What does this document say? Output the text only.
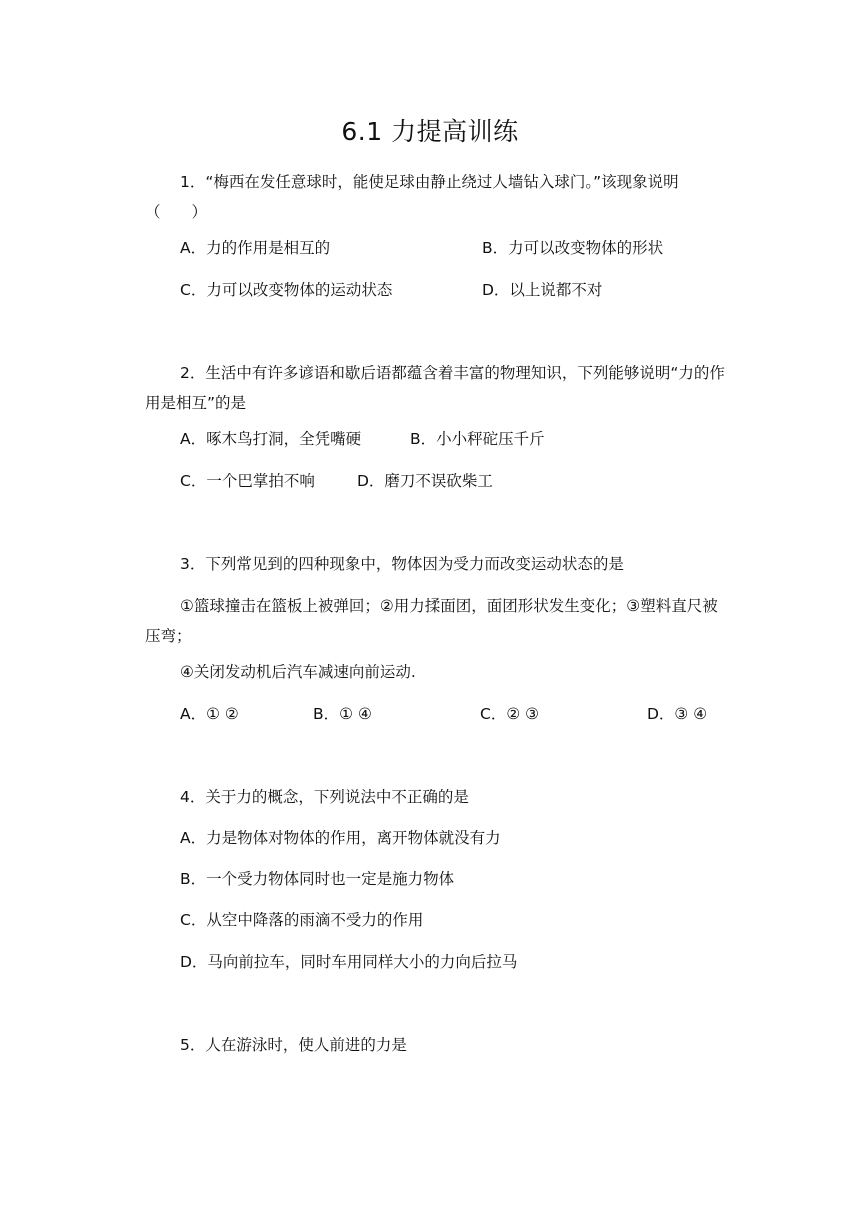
6.1 力提高训练

1．“梅西在发任意球时，能使足球由静止绕过人墙钻入球门。”该现象说明（　　）

A．力的作用是相互的	B．力可以改变物体的形状
C．力可以改变物体的运动状态	D．以上说都不对

2．生活中有许多谚语和歇后语都蕴含着丰富的物理知识，下列能够说明“力的作用是相互”的是

A．啄木鸟打洞，全凭嘴硬	B．小小秤砣压千斤
C．一个巴掌拍不响	D．磨刀不误砍柴工

3．下列常见到的四种现象中，物体因为受力而改变运动状态的是

①篮球撞击在篮板上被弹回；②用力揉面团，面团形状发生变化；③塑料直尺被压弯；

④关闭发动机后汽车减速向前运动.

A．① ②	B．① ④	C．② ③	D．③ ④

4．关于力的概念，下列说法中不正确的是

A．力是物体对物体的作用，离开物体就没有力
B．一个受力物体同时也一定是施力物体
C．从空中降落的雨滴不受力的作用
D．马向前拉车，同时车用同样大小的力向后拉马

5．人在游泳时，使人前进的力是
